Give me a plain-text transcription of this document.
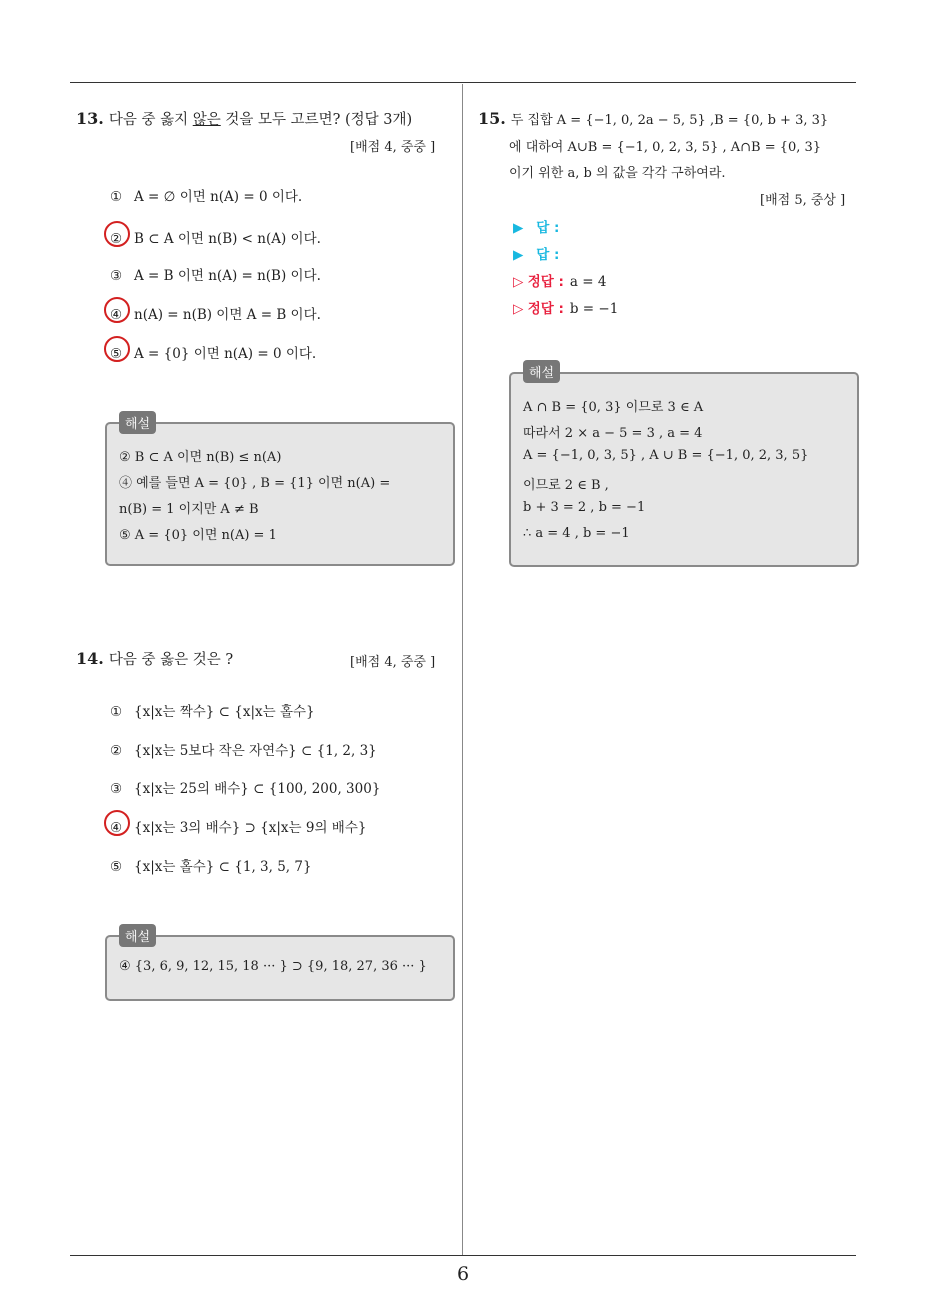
6
13. 다음 중 옳지 않은 것을 모두 고르면? (정답 3개)
[배점 4, 중중 ]
① A = ∅ 이면 n(A) = 0 이다.
② B ⊂ A 이면 n(B) < n(A) 이다.
③ A = B 이면 n(A) = n(B) 이다.
④ n(A) = n(B) 이면 A = B 이다.
⑤ A = {0} 이면 n(A) = 0 이다.
② B ⊂ A 이면 n(B) ≤ n(A)
④ 예를 들면 A = {0} , B = {1} 이면 n(A) =
n(B) = 1 이지만 A ≠ B
⑤ A = {0} 이면 n(A) = 1
해설
14. 다음 중 옳은 것은 ?	[배점 4, 중중 ]
① {x|x는 짝수} ⊂ {x|x는 홀수}
② {x|x는 5보다 작은 자연수} ⊂ {1, 2, 3}
③ {x|x는 25의 배수} ⊂ {100, 200, 300}
④ {x|x는 3의 배수} ⊃ {x|x는 9의 배수}
⑤ {x|x는 홀수} ⊂ {1, 3, 5, 7}
④ {3, 6, 9, 12, 15, 18 ··· } ⊃ {9, 18, 27, 36 ··· }
해설
15. 두 집합 A = {−1, 0, 2a − 5, 5} ,B = {0, b + 3, 3}
에 대하여 A∪B = {−1, 0, 2, 3, 5} , A∩B = {0, 3}
이기 위한 a, b 의 값을 각각 구하여라.
[배점 5, 중상 ]
▶ 답 :
▶ 답 :
▷ 정답 : a = 4
▷ 정답 : b = −1
A ∩ B = {0, 3} 이므로 3 ∈ A
따라서 2 × a − 5 = 3 , a = 4
A = {−1, 0, 3, 5} , A ∪ B = {−1, 0, 2, 3, 5}
이므로 2 ∈ B ,
b + 3 = 2 , b = −1
∴ a = 4 , b = −1
해설
